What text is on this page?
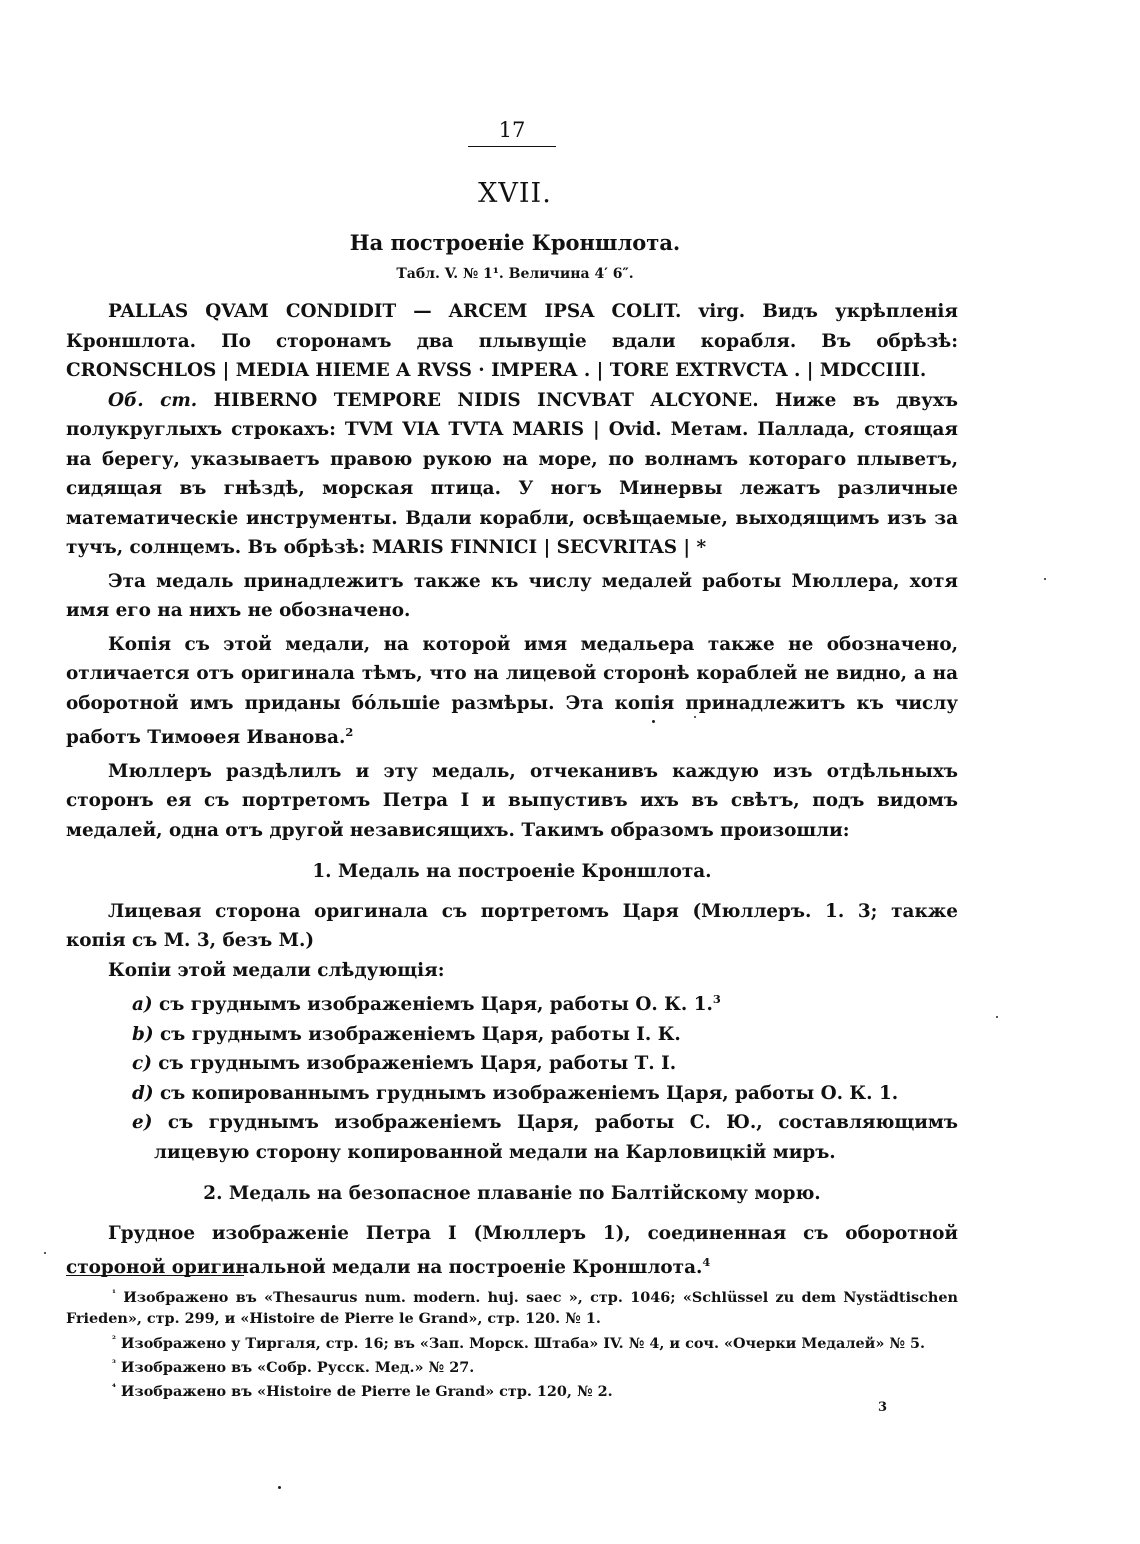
17
XVII.
На построеніе Кроншлота.
Табл. V. № 1¹. Величина 4′ 6″.

PALLAS QVAM CONDIDIT — ARCEM IPSA COLIT. virg. Видъ укрѣпленія Кроншлота. По сторонамъ два плывущіе вдали корабля. Въ обрѣзѣ: CRONSCHLOS | MEDIA HIEME A RVSS · IMPERA . | TORE EXTRVCTA . | MDCCIIII.

Об. ст. HIBERNO TEMPORE NIDIS INCVBAT ALCYONE. Ниже въ двухъ полукруглыхъ строкахъ: TVM VIA TVTA MARIS | Ovid. Метам. Паллада, стоящая на берегу, указываетъ правою рукою на море, по волнамъ котораго плыветъ, сидящая въ гнѣздѣ, морская птица. У ногъ Минервы лежатъ различные математическіе инструменты. Вдали корабли, освѣщаемые, выходящимъ изъ за тучъ, солнцемъ. Въ обрѣзѣ: MARIS FINNICI | SECVRITAS | *

Эта медаль принадлежитъ также къ числу медалей работы Мюллера, хотя имя его на нихъ не обозначено.

Копія съ этой медали, на которой имя медальера также не обозначено, отличается отъ оригинала тѣмъ, что на лицевой сторонѣ кораблей не видно, а на оборотной имъ приданы бо́льшіе размѣры. Эта копія принадлежитъ къ числу работъ Тимоѳея Иванова.$^2$

Мюллеръ раздѣлилъ и эту медаль, отчеканивъ каждую изъ отдѣльныхъ сторонъ ея съ портретомъ Петра I и выпустивъ ихъ въ свѣтъ, подъ видомъ медалей, одна отъ другой независящихъ. Такимъ образомъ произошли:

1. Медаль на построеніе Кроншлота.

Лицевая сторона оригинала съ портретомъ Царя (Мюллеръ. 1. 3; также копія съ М. 3, безъ М.)

Копіи этой медали слѣдующія:

a) съ груднымъ изображеніемъ Царя, работы О. К. 1.$^3$
b) съ груднымъ изображеніемъ Царя, работы І. К.
c) съ груднымъ изображеніемъ Царя, работы Т. І.
d) съ копированнымъ груднымъ изображеніемъ Царя, работы О. К. 1.
e) съ груднымъ изображеніемъ Царя, работы С. Ю., составляющимъ лицевую сторону копированной медали на Карловицкій миръ.

2. Медаль на безопасное плаваніе по Балтійскому морю.

Грудное изображеніе Петра I (Мюллеръ 1), соединенная съ оборотной стороной оригинальной медали на построеніе Кроншлота.$^4$

$^{^1}$ Изображено въ «Thesaurus num. modern. huj. saec », стр. 1046; «Schlüssel zu dem Nystädtischen Frieden», стр. 299, и «Histoire de Pierre le Grand», стр. 120. № 1.

$^{^2}$ Изображено у Тиргаля, стр. 16; въ «Зап. Морск. Штаба» IV. № 4, и соч. «Очерки Медалей» № 5.

$^{^3}$ Изображено въ «Собр. Русск. Мед.» № 27.

$^{^4}$ Изображено въ «Histoire de Pierre le Grand» стр. 120, № 2.

3
